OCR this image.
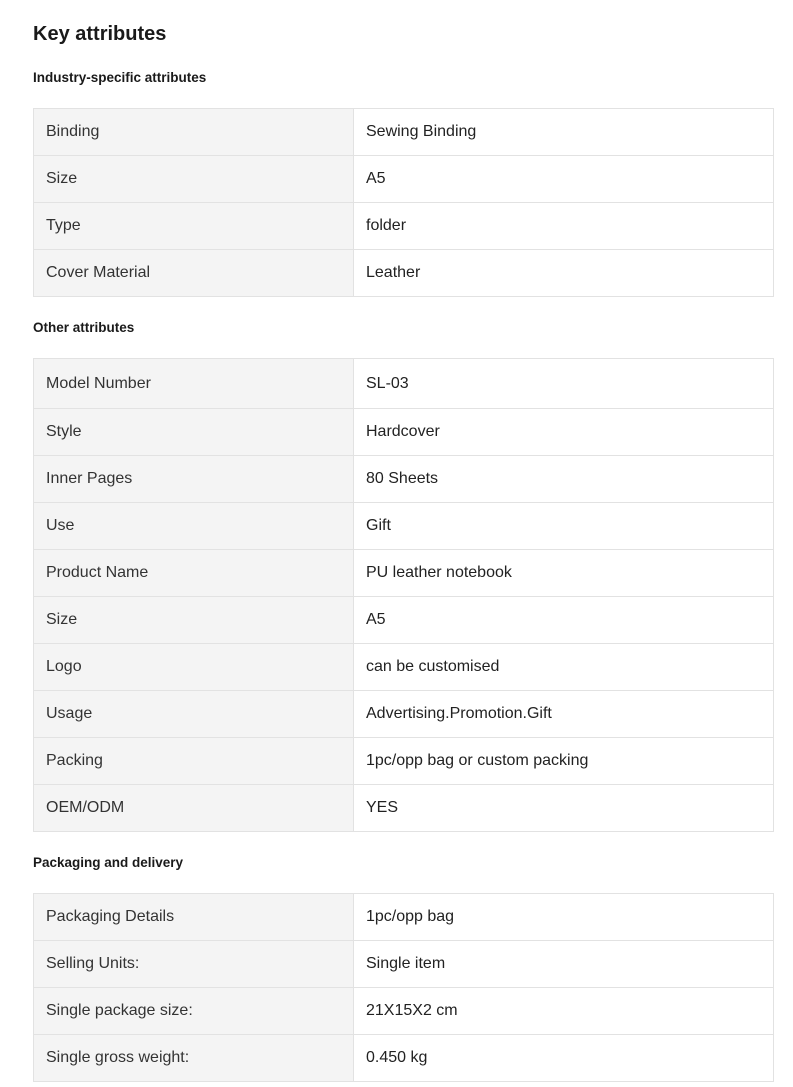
Key attributes
Industry-specific attributes
Binding	Sewing Binding
Size	A5
Type	folder
Cover Material	Leather
Other attributes
Model Number	SL-03
Style	Hardcover
Inner Pages	80 Sheets
Use	Gift
Product Name	PU leather notebook
Size	A5
Logo	can be customised
Usage	Advertising.Promotion.Gift
Packing	1pc/opp bag or custom packing
OEM/ODM	YES
Packaging and delivery
Packaging Details	1pc/opp bag
Selling Units:	Single item
Single package size:	21X15X2 cm
Single gross weight:	0.450 kg
